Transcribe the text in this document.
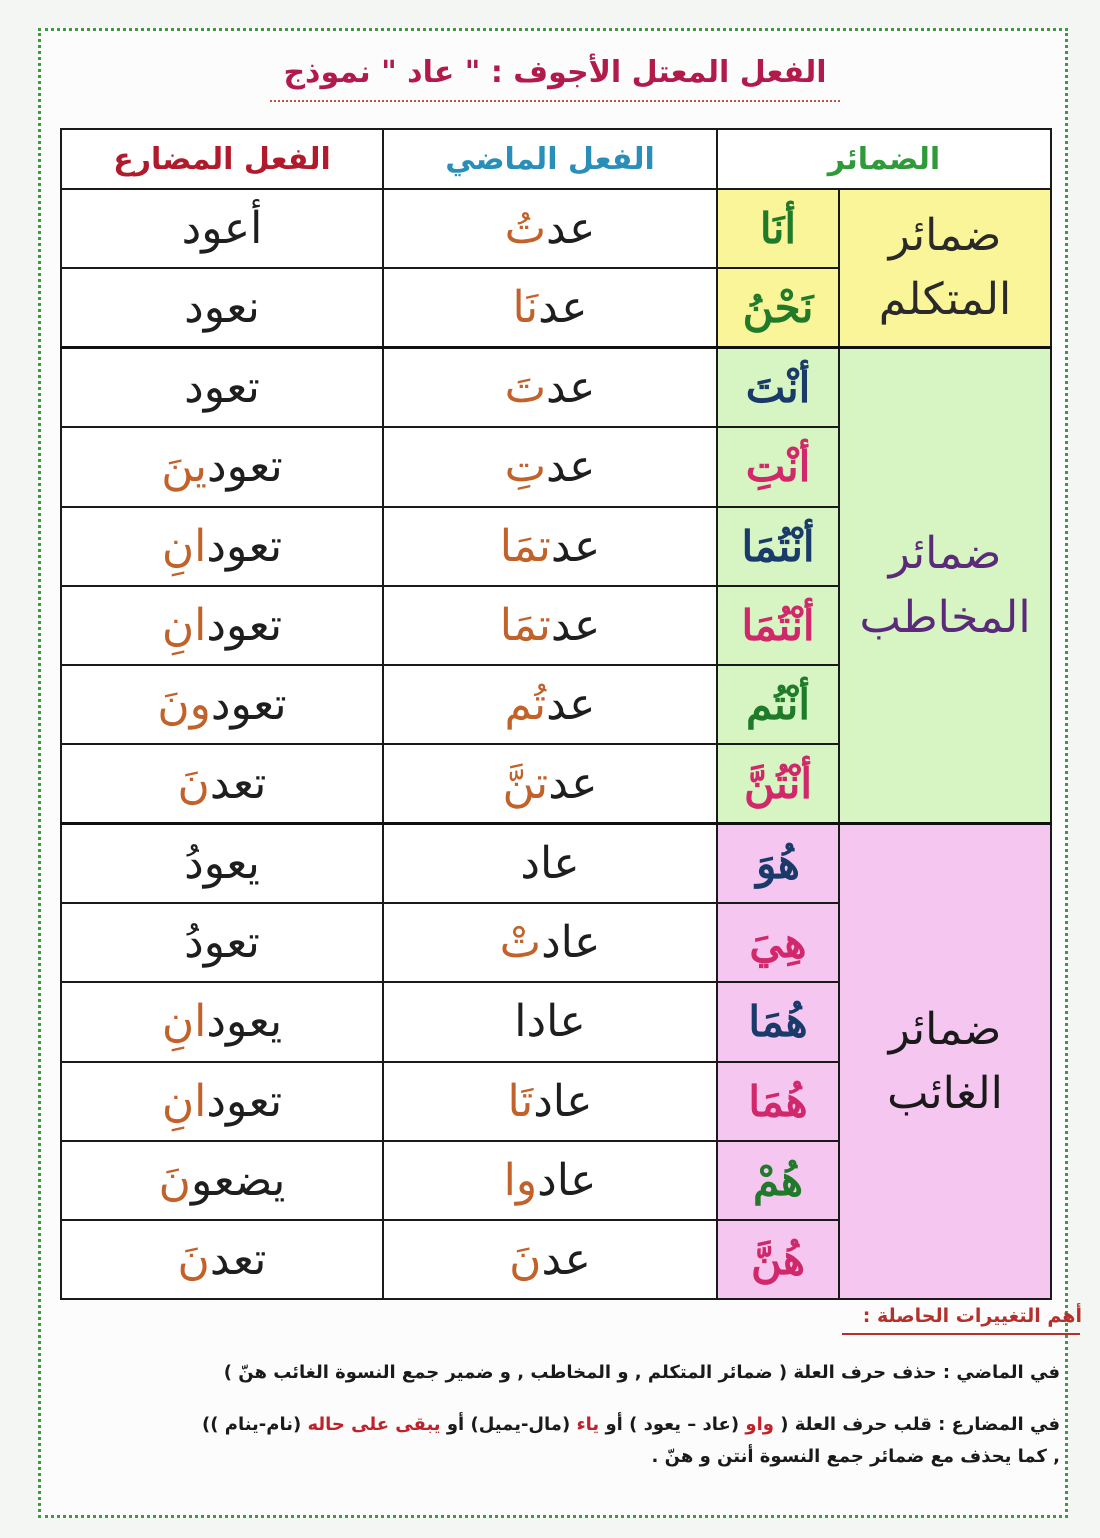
الفعل المعتل الأجوف : " عاد " نموذج
الضمائر		الفعل الماضي	الفعل المضارع

ضمائر
المتكلم	أنَا	عدتُ	أعود
	نَحْنُ	عدنَا	نعود

ضمائر
المخاطب	أنْتَ	عدتَ	تعود
	أنْتِ	عدتِ	تعودينَ
	أنْتُمَا	عدتمَا	تعودانِ
	أنْتُمَا	عدتمَا	تعودانِ
	أنْتُم	عدتُم	تعودونَ
	أنْتُنَّ	عدتنَّ	تعدنَ

ضمائر
الغائب	هُوَ	عاد	يعودُ
	هِيَ	عادتْ	تعودُ
	هُمَا	عادا	يعودانِ
	هُمَا	عادتَا	تعودانِ
	هُمْ	عادوا	يضعونَ
	هُنَّ	عدنَ	تعدنَ
أهم التغييرات الحاصلة :
في الماضي : حذف حرف العلة ( ضمائر المتكلم , و المخاطب , و ضمير جمع النسوة الغائب هنّ )
في المضارع : قلب حرف العلة ( واو (عاد – يعود ) أو ياء (مال-يميل) أو يبقى على حاله (نام-ينام ))
, كما يحذف مع ضمائر جمع النسوة أنتن و هنّ .
